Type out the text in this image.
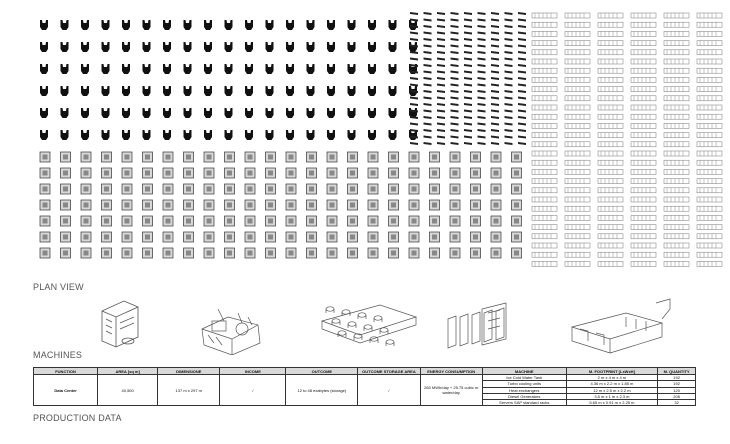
PLAN VIEW
MACHINES
FUNCTION	AREA [sq m]	DIMENSIONE	INCOME	OUTCOME	OUTCOME STORAGE AREA	ENERGY CONSUMPTION	MACHINE	M. FOOTPRINT [LxWxH]	M. QUANTITY
Data Center	40,500	137 m x 297 m	/	12 to 48 exabytes (storage)	/	260 MWh/day + 25.75 cubic m water/day	Ice Cold Water Tank	2 m x 4 m x 4 m	192
							Turbo cooling units	4.36 m x 2.2 m x 1.85 m	192
							Heat exchangers	12 m x 2.5 m x 2.2 m	120
							Diesel Generators	3.5 m x 1 m x 2.3 m	206
							Servers SAP standard racks	5.65 m x 0.91 m x 2.25 m	32
PRODUCTION DATA
